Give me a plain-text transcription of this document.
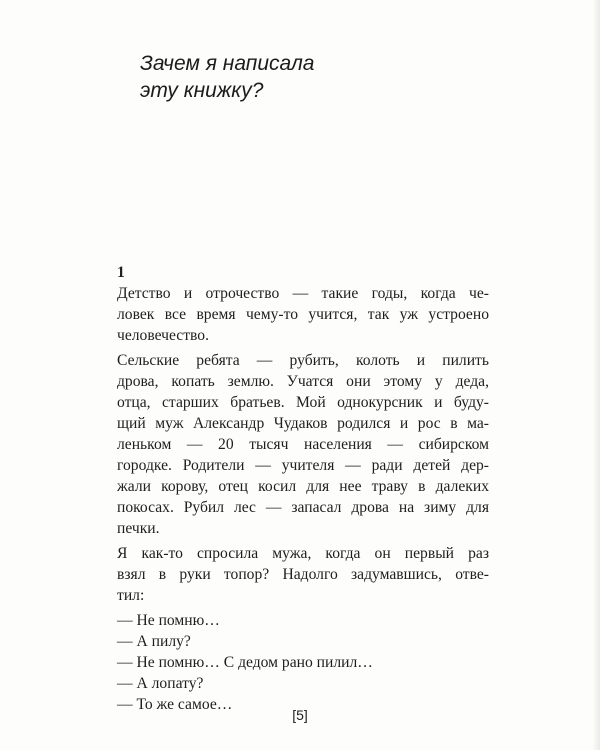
Зачем я написала
эту книжку?

1

Детство и отрочество — такие годы, когда че-
ловек все время чему-то учится, так уж устроено
человечество.

Сельские ребята — рубить, колоть и пилить
дрова, копать землю. Учатся они этому у деда,
отца, старших братьев. Мой однокурсник и буду-
щий муж Александр Чудаков родился и рос в ма-
леньком — 20 тысяч населения — сибирском
городке. Родители — учителя — ради детей дер-
жали корову, отец косил для нее траву в далеких
покосах. Рубил лес — запасал дрова на зиму для
печки.

Я как-то спросила мужа, когда он первый раз
взял в руки топор? Надолго задумавшись, отве-
тил:

— Не помню…
— А пилу?
— Не помню… С дедом рано пилил…
— А лопату?
— То же самое…
[5]
